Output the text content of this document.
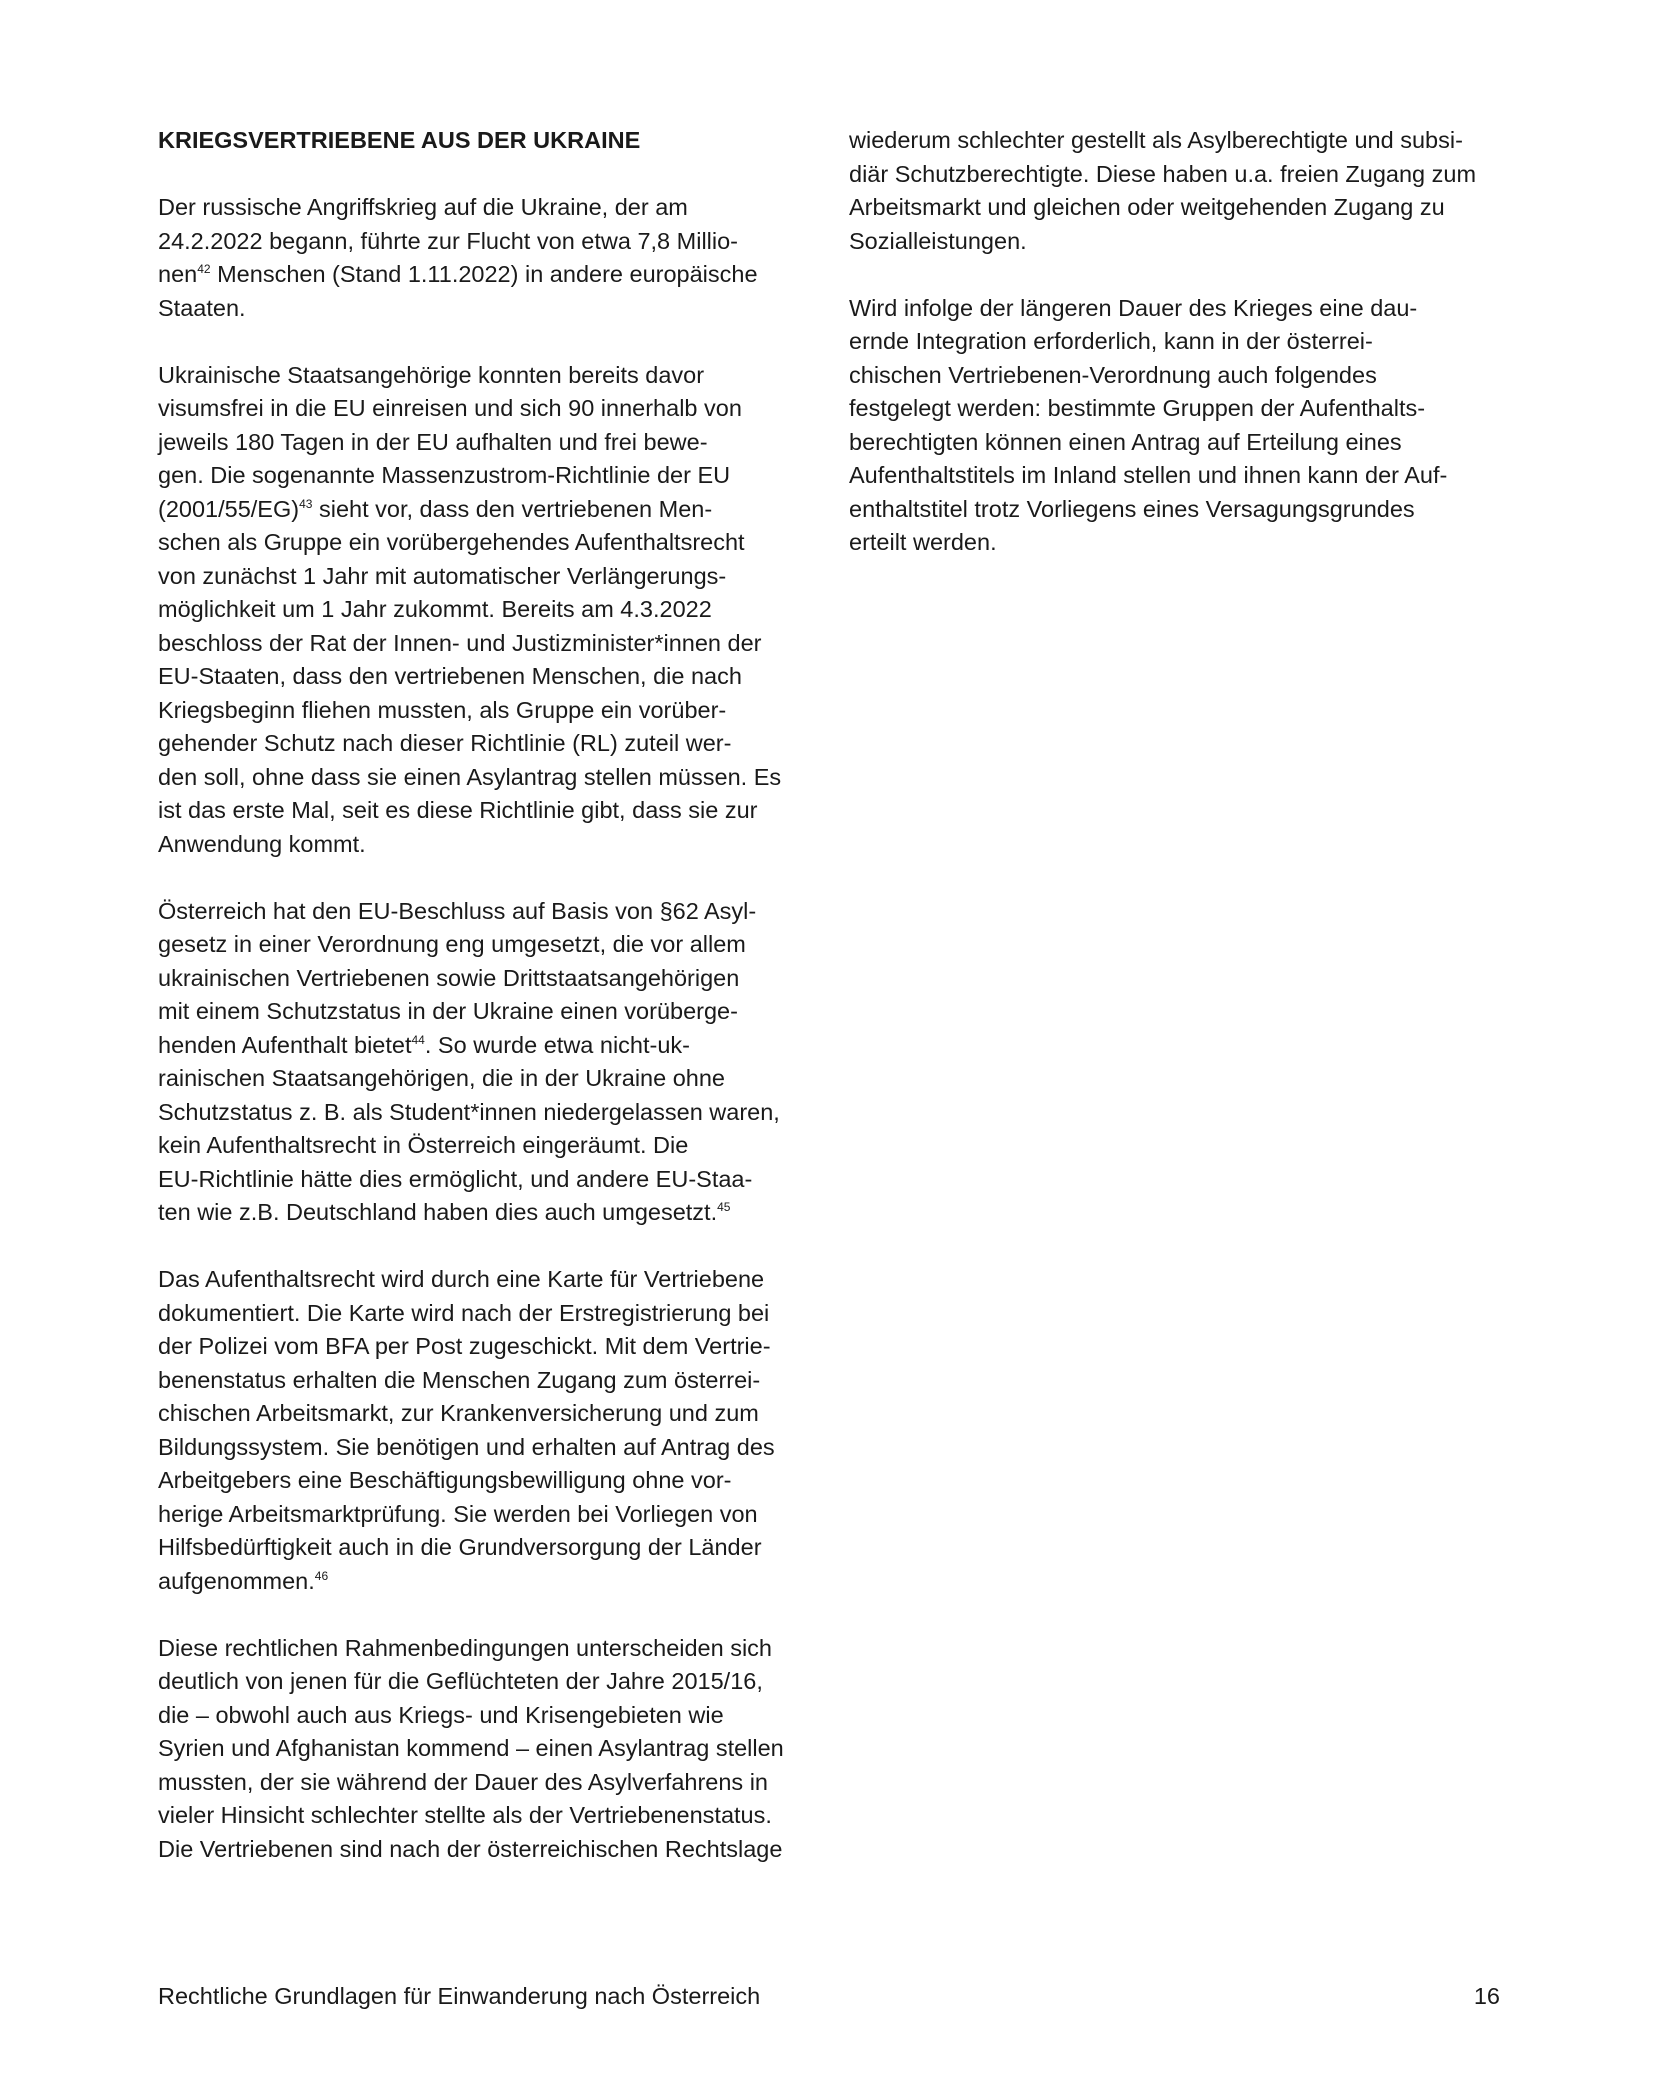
KRIEGSVERTRIEBENE AUS DER UKRAINE

Der russische Angriffskrieg auf die Ukraine, der am
24.2.2022 begann, führte zur Flucht von etwa 7,8 Millio-
nen$^{42}$ Menschen (Stand 1.11.2022) in andere europäische
Staaten.

Ukrainische Staatsangehörige konnten bereits davor
visumsfrei in die EU einreisen und sich 90 innerhalb von
jeweils 180 Tagen in der EU aufhalten und frei bewe-
gen. Die sogenannte Massenzustrom-Richtlinie der EU
(2001/55/EG)$^{43}$ sieht vor, dass den vertriebenen Men-
schen als Gruppe ein vorübergehendes Aufenthaltsrecht
von zunächst 1 Jahr mit automatischer Verlängerungs-
möglichkeit um 1 Jahr zukommt. Bereits am 4.3.2022
beschloss der Rat der Innen- und Justizminister*innen der
EU-Staaten, dass den vertriebenen Menschen, die nach
Kriegsbeginn fliehen mussten, als Gruppe ein vorüber-
gehender Schutz nach dieser Richtlinie (RL) zuteil wer-
den soll, ohne dass sie einen Asylantrag stellen müssen. Es
ist das erste Mal, seit es diese Richtlinie gibt, dass sie zur
Anwendung kommt.

Österreich hat den EU-Beschluss auf Basis von §62 Asyl-
gesetz in einer Verordnung eng umgesetzt, die vor allem
ukrainischen Vertriebenen sowie Drittstaatsangehörigen
mit einem Schutzstatus in der Ukraine einen vorüberge-
henden Aufenthalt bietet$^{44}$. So wurde etwa nicht-uk-
rainischen Staatsangehörigen, die in der Ukraine ohne
Schutzstatus z. B. als Student*innen niedergelassen waren,
kein Aufenthaltsrecht in Österreich eingeräumt. Die
EU-Richtlinie hätte dies ermöglicht, und andere EU-Staa-
ten wie z.B. Deutschland haben dies auch umgesetzt.$^{45}$

Das Aufenthaltsrecht wird durch eine Karte für Vertriebene
dokumentiert. Die Karte wird nach der Erstregistrierung bei
der Polizei vom BFA per Post zugeschickt. Mit dem Vertrie-
benenstatus erhalten die Menschen Zugang zum österrei-
chischen Arbeitsmarkt, zur Krankenversicherung und zum
Bildungssystem. Sie benötigen und erhalten auf Antrag des
Arbeitgebers eine Beschäftigungsbewilligung ohne vor-
herige Arbeitsmarktprüfung. Sie werden bei Vorliegen von
Hilfsbedürftigkeit auch in die Grundversorgung der Länder
aufgenommen.$^{46}$

Diese rechtlichen Rahmenbedingungen unterscheiden sich
deutlich von jenen für die Geflüchteten der Jahre 2015/16,
die – obwohl auch aus Kriegs- und Krisengebieten wie
Syrien und Afghanistan kommend – einen Asylantrag stellen
mussten, der sie während der Dauer des Asylverfahrens in
vieler Hinsicht schlechter stellte als der Vertriebenenstatus.
Die Vertriebenen sind nach der österreichischen Rechtslage

wiederum schlechter gestellt als Asylberechtigte und subsi-
diär Schutzberechtigte. Diese haben u.a. freien Zugang zum
Arbeitsmarkt und gleichen oder weitgehenden Zugang zu
Sozialleistungen.

Wird infolge der längeren Dauer des Krieges eine dau-
ernde Integration erforderlich, kann in der österrei-
chischen Vertriebenen-Verordnung auch folgendes
festgelegt werden: bestimmte Gruppen der Aufenthalts-
berechtigten können einen Antrag auf Erteilung eines
Aufenthaltstitels im Inland stellen und ihnen kann der Auf-
enthaltstitel trotz Vorliegens eines Versagungsgrundes
erteilt werden.

Rechtliche Grundlagen für Einwanderung nach Österreich	16
